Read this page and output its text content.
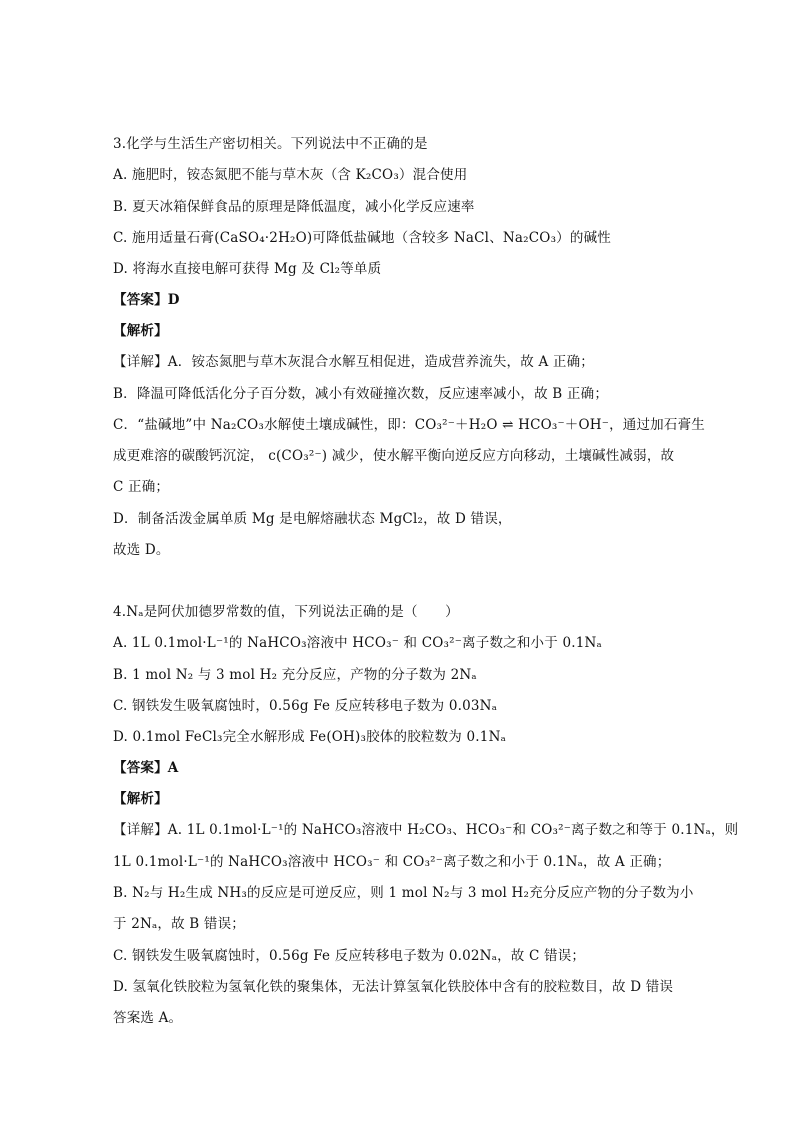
3.化学与生活生产密切相关。下列说法中不正确的是
A. 施肥时，铵态氮肥不能与草木灰（含 K₂CO₃）混合使用
B. 夏天冰箱保鲜食品的原理是降低温度，减小化学反应速率
C. 施用适量石膏(CaSO₄·2H₂O)可降低盐碱地（含较多 NaCl、Na₂CO₃）的碱性
D. 将海水直接电解可获得 Mg 及 Cl₂等单质
【答案】D
【解析】
【详解】A．铵态氮肥与草木灰混合水解互相促进，造成营养流失，故 A 正确；
B．降温可降低活化分子百分数，减小有效碰撞次数，反应速率减小，故 B 正确；
C．“盐碱地”中 Na₂CO₃水解使土壤成碱性，即：CO₃²⁻＋H₂O ⇌ HCO₃⁻＋OH⁻，通过加石膏生
成更难溶的碳酸钙沉淀， c(CO₃²⁻) 减少，使水解平衡向逆反应方向移动，土壤碱性减弱，故
C 正确；
D．制备活泼金属单质 Mg 是电解熔融状态 MgCl₂，故 D 错误，
故选 D。
4.Nₐ是阿伏加德罗常数的值，下列说法正确的是（　　）
A. 1L 0.1mol·L⁻¹的 NaHCO₃溶液中 HCO₃⁻ 和 CO₃²⁻离子数之和小于 0.1Nₐ
B. 1 mol N₂ 与 3 mol H₂ 充分反应，产物的分子数为 2Nₐ
C. 钢铁发生吸氧腐蚀时，0.56g Fe 反应转移电子数为 0.03Nₐ
D. 0.1mol FeCl₃完全水解形成 Fe(OH)₃胶体的胶粒数为 0.1Nₐ
【答案】A
【解析】
【详解】A. 1L 0.1mol·L⁻¹的 NaHCO₃溶液中 H₂CO₃、HCO₃⁻和 CO₃²⁻离子数之和等于 0.1Nₐ，则
1L 0.1mol·L⁻¹的 NaHCO₃溶液中 HCO₃⁻ 和 CO₃²⁻离子数之和小于 0.1Nₐ，故 A 正确；
B. N₂与 H₂生成 NH₃的反应是可逆反应，则 1 mol N₂与 3 mol H₂充分反应产物的分子数为小
于 2Nₐ，故 B 错误；
C. 钢铁发生吸氧腐蚀时，0.56g Fe 反应转移电子数为 0.02Nₐ，故 C 错误；
D. 氢氧化铁胶粒为氢氧化铁的聚集体，无法计算氢氧化铁胶体中含有的胶粒数目，故 D 错误
答案选 A。
